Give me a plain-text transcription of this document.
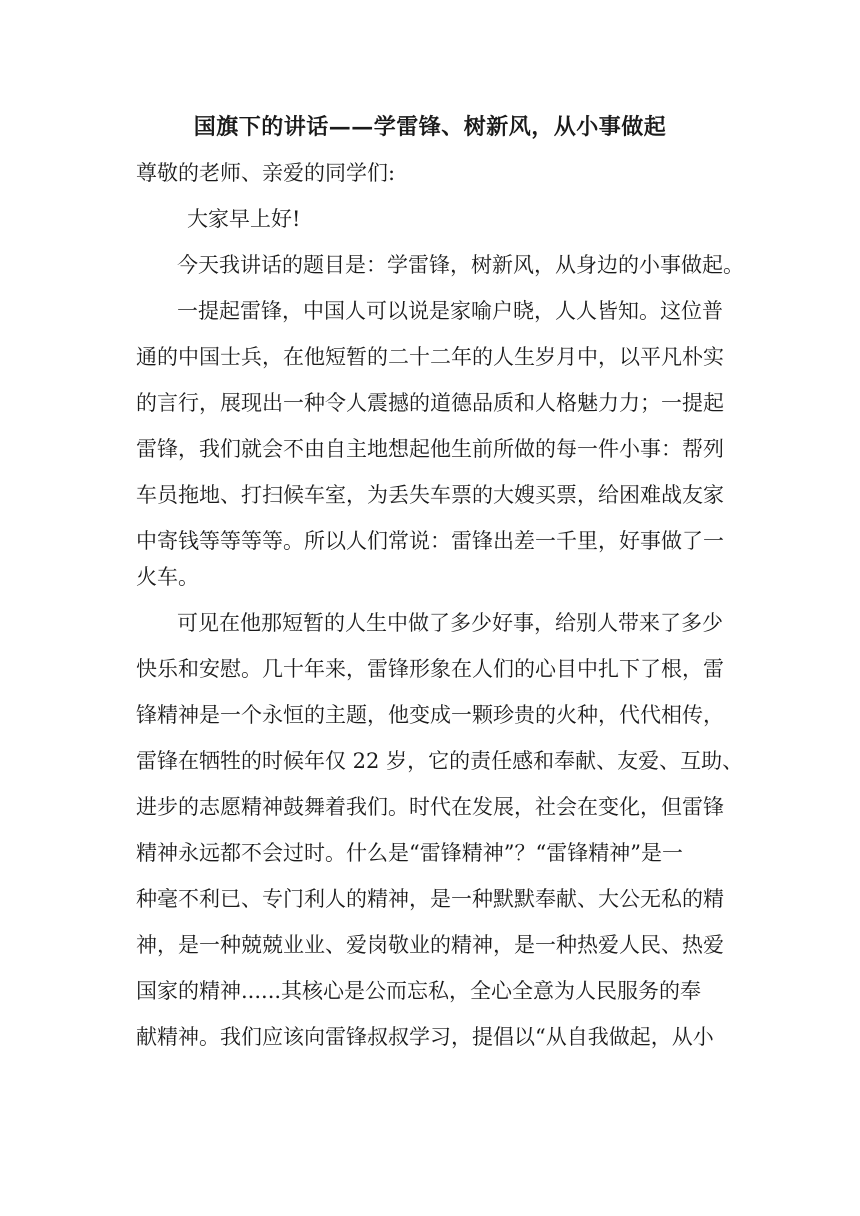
国旗下的讲话——学雷锋、树新风，从小事做起
尊敬的老师、亲爱的同学们:
大家早上好!
今天我讲话的题目是：学雷锋，树新风，从身边的小事做起。
一提起雷锋，中国人可以说是家喻户晓，人人皆知。这位普
通的中国士兵，在他短暂的二十二年的人生岁月中，以平凡朴实
的言行，展现出一种令人震撼的道德品质和人格魅力力；一提起
雷锋，我们就会不由自主地想起他生前所做的每一件小事：帮列
车员拖地、打扫候车室，为丢失车票的大嫂买票，给困难战友家
中寄钱等等等等。所以人们常说：雷锋出差一千里，好事做了一
火车。
可见在他那短暂的人生中做了多少好事，给别人带来了多少
快乐和安慰。几十年来，雷锋形象在人们的心目中扎下了根，雷
锋精神是一个永恒的主题，他变成一颗珍贵的火种，代代相传，
雷锋在牺牲的时候年仅 22 岁，它的责任感和奉献、友爱、互助、
进步的志愿精神鼓舞着我们。时代在发展，社会在变化，但雷锋
精神永远都不会过时。什么是“雷锋精神”？“雷锋精神”是一
种毫不利已、专门利人的精神，是一种默默奉献、大公无私的精
神，是一种兢兢业业、爱岗敬业的精神，是一种热爱人民、热爱
国家的精神......其核心是公而忘私，全心全意为人民服务的奉
献精神。我们应该向雷锋叔叔学习，提倡以“从自我做起，从小
